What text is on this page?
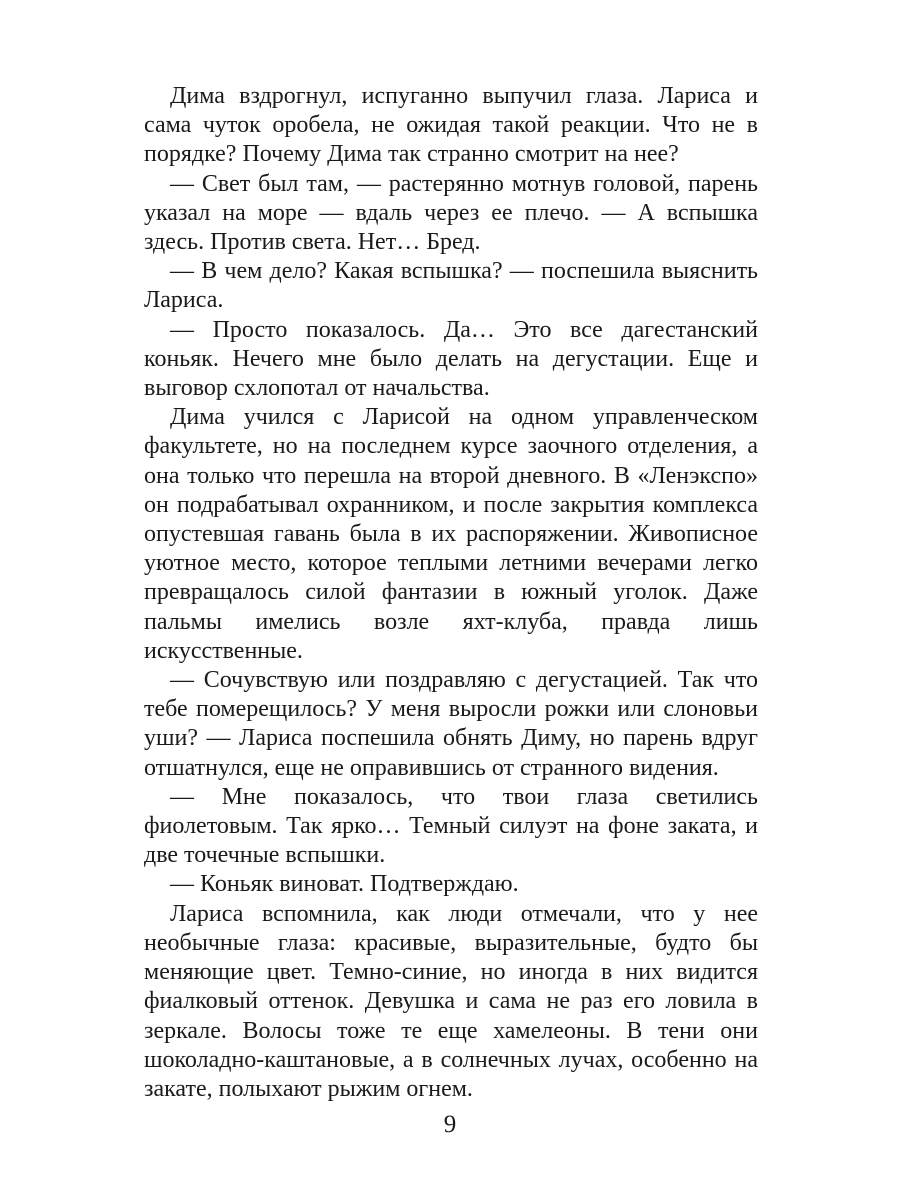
Дима вздрогнул, испуганно выпучил глаза. Лариса и сама чуток оробела, не ожидая такой реакции. Что не в порядке? Почему Дима так странно смотрит на нее?

— Свет был там, — растерянно мотнув головой, парень указал на море — вдаль через ее плечо. — А вспышка здесь. Против света. Нет… Бред.

— В чем дело? Какая вспышка? — поспешила выяснить Лариса.

— Просто показалось. Да… Это все дагестанский коньяк. Нечего мне было делать на дегустации. Еще и выговор схлопотал от начальства.

Дима учился с Ларисой на одном управленческом факультете, но на последнем курсе заочного отделения, а она только что перешла на второй дневного. В «Ленэкспо» он подрабатывал охранником, и после закрытия комплекса опустевшая гавань была в их распоряжении. Живописное уютное место, которое теплыми летними вечерами легко превращалось силой фантазии в южный уголок. Даже пальмы имелись возле яхт-клуба, правда лишь искусственные.

— Сочувствую или поздравляю с дегустацией. Так что тебе померещилось? У меня выросли рожки или слоновьи уши? — Лариса поспешила обнять Диму, но парень вдруг отшатнулся, еще не оправившись от странного видения.

— Мне показалось, что твои глаза светились фиолетовым. Так ярко… Темный силуэт на фоне заката, и две точечные вспышки.

— Коньяк виноват. Подтверждаю.

Лариса вспомнила, как люди отмечали, что у нее необычные глаза: красивые, выразительные, будто бы меняющие цвет. Темно-синие, но иногда в них видится фиалковый оттенок. Девушка и сама не раз его ловила в зеркале. Волосы тоже те еще хамелеоны. В тени они шоколадно-каштановые, а в солнечных лучах, особенно на закате, полыхают рыжим огнем.

9
